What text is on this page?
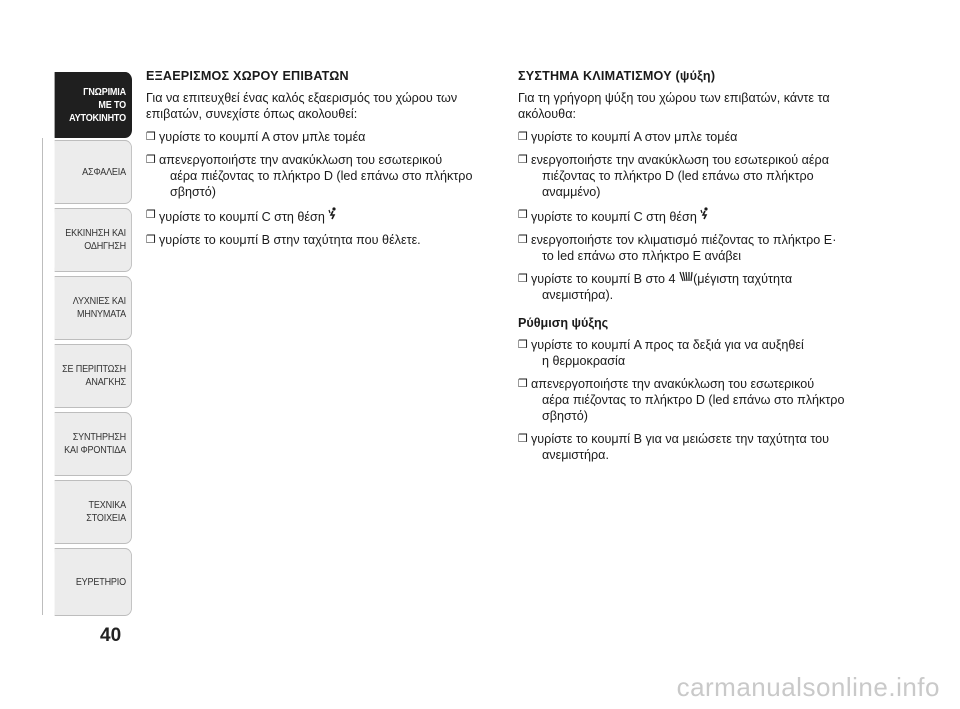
ΓΝΩΡΙΜΙΑ
ΜΕ ΤΟ
ΑΥΤΟΚΙΝΗΤΟ
ΑΣΦΑΛΕΙΑ
ΕΚΚΙΝΗΣΗ ΚΑΙ
ΟΔΗΓΗΣΗ
ΛΥΧΝΙΕΣ ΚΑΙ
ΜΗΝΥΜΑΤΑ
ΣΕ ΠΕΡΙΠΤΩΣΗ
ΑΝΑΓΚΗΣ
ΣΥΝΤΗΡΗΣΗ
ΚΑΙ ΦΡΟΝΤΙΔΑ
ΤΕΧΝΙΚΑ
ΣΤΟΙΧΕΙΑ
ΕΥΡΕΤΗΡΙΟ
40
ΕΞΑΕΡΙΣΜΟΣ ΧΩΡΟΥ ΕΠΙΒΑΤΩΝ
Για να επιτευχθεί ένας καλός εξαερισμός του χώρου των
επιβατών, συνεχίστε όπως ακολουθεί:
❒ γυρίστε το κουμπί A στον μπλε τομέα
❒ απενεργοποιήστε την ανακύκλωση του εσωτερικού
αέρα πιέζοντας το πλήκτρο D (led επάνω στο πλήκτρο
σβηστό)
❒ γυρίστε το κουμπί C στη θέση
❒ γυρίστε το κουμπί B στην ταχύτητα που θέλετε.
ΣΥΣΤΗΜΑ ΚΛΙΜΑΤΙΣΜΟΥ (ψύξη)
Για τη γρήγορη ψύξη του χώρου των επιβατών, κάντε τα
ακόλουθα:
❒ γυρίστε το κουμπί A στον μπλε τομέα
❒ ενεργοποιήστε την ανακύκλωση του εσωτερικού αέρα
πιέζοντας το πλήκτρο D (led επάνω στο πλήκτρο
αναμμένο)
❒ γυρίστε το κουμπί C στη θέση
❒ ενεργοποιήστε τον κλιματισμό πιέζοντας το πλήκτρο E·
το led επάνω στο πλήκτρο E ανάβει
❒ γυρίστε το κουμπί B στο 4 (μέγιστη ταχύτητα
ανεμιστήρα).
Ρύθμιση ψύξης
❒ γυρίστε το κουμπί A προς τα δεξιά για να αυξηθεί
η θερμοκρασία
❒ απενεργοποιήστε την ανακύκλωση του εσωτερικού
αέρα πιέζοντας το πλήκτρο D (led επάνω στο πλήκτρο
σβηστό)
❒ γυρίστε το κουμπί B για να μειώσετε την ταχύτητα του
ανεμιστήρα.
carmanualsonline.info
